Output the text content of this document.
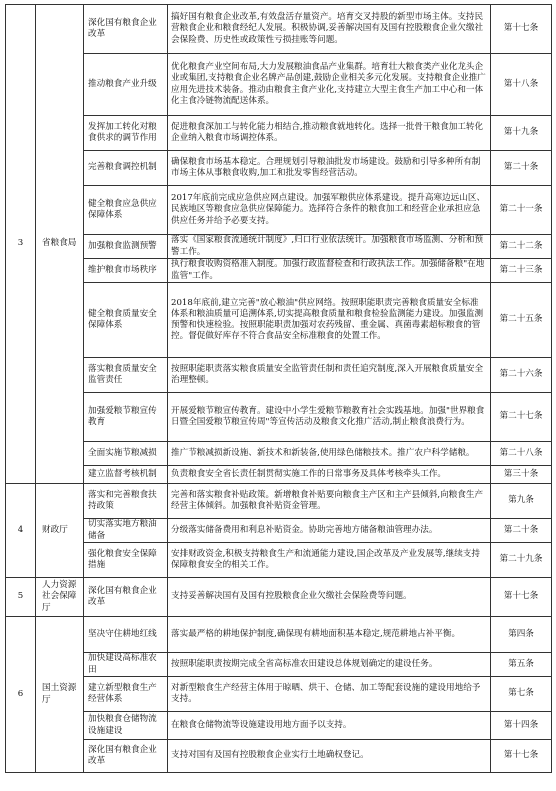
3	省粮食局	深化国有粮食企业改革	搞好国有粮食企业改革,有效盘活存量资产。培育交叉持股的新型市场主体。支持民营粮食企业和粮食经纪人发展。积极协调,妥善解决国有及国有控股粮食企业欠缴社会保险费、历史性或政策性亏损挂账等问题。	第十七条
		推动粮食产业升级	优化粮食产业空间布局,大力发展粮油食品产业集群。培育壮大粮食类产业化龙头企业或集团,支持粮食企业名牌产品创建,鼓励企业相关多元化发展。支持粮食企业推广应用先进技术装备。推动由粮食主食产业化,支持建立大型主食生产加工中心和一体化主食冷链物流配送体系。	第十八条
		发挥加工转化对粮食供求的调节作用	促进粮食深加工与转化能力相结合,推动粮食就地转化。选择一批骨干粮食加工转化企业纳入粮食市场调控体系。	第十九条
		完善粮食调控机制	确保粮食市场基本稳定。合理规划引导粮油批发市场建设。鼓励和引导多种所有制市场主体从事粮食收购,加工和批发零售经营活动。	第二十条
		健全粮食应急供应保障体系	2017年底前完成应急供应网点建设。加强军粮供应体系建设。提升高寒边远山区、民族地区等粮食应急供应保障能力。选择符合条件的粮食加工和经营企业承担应急供应任务并给予必要支持。	第二十一条
		加强粮食监测预警	落实《国家粮食流通统计制度》,归口行业依法统计。加强粮食市场监测、分析和预警工作。	第二十二条
		维护粮食市场秩序	执行粮食收购资格准入制度。加强行政监督检查和行政执法工作。加强储备粮"在地监管"工作。	第二十三条
		健全粮食质量安全保障体系	2018年底前,建立完善"放心粮油"供应网络。按照职能职责完善粮食质量安全标准体系和粮油质量可追溯体系,切实提高粮食质量和粮食检验监测能力建设。加强监测预警和快速检验。按照职能职责加强对农药残留、重金属、真菌毒素超标粮食的管控。督促做好库存不符合食品安全标准粮食的处置工作。	第二十五条
		落实粮食质量安全监管责任	按照职能职责落实粮食质量安全监管责任制和责任追究制度,深入开展粮食质量安全治理整顿。	第二十六条
		加强爱粮节粮宣传教育	开展爱粮节粮宣传教育。建设中小学生爱粮节粮教育社会实践基地。加强"世界粮食日暨全国爱粮节粮宣传周"等宣传活动及粮食文化推广活动,制止粮食浪费行为。	第二十七条
		全面实施节粮减损	推广节粮减损新设施、新技术和新装备,使用绿色储粮技术。推广农户科学储粮。	第二十八条
		建立监督考核机制	负责粮食安全省长责任制贯彻实施工作的日常事务及具体考核牵头工作。	第三十条
4	财政厅	落实和完善粮食扶持政策	完善和落实粮食补贴政策。新增粮食补贴要向粮食主产区和主产县倾斜,向粮食生产经营主体倾斜。加强粮食补贴资金管理。	第九条
		切实落实地方粮油储备	分级落实储备费用和利息补贴资金。协助完善地方储备粮油管理办法。	第二十条
		强化粮食安全保障措施	安排财政资金,积极支持粮食生产和流通能力建设,国企改革及产业发展等,继续支持保障粮食安全的相关工作。	第二十九条
5	人力资源社会保障厅	深化国有粮食企业改革	支持妥善解决国有及国有控股粮食企业欠缴社会保险费等问题。	第十七条
6	国土资源厅	坚决守住耕地红线	落实最严格的耕地保护制度,确保现有耕地面积基本稳定,规范耕地占补平衡。	第四条
		加快建设高标准农田	按照职能职责按期完成全省高标准农田建设总体规划确定的建设任务。	第五条
		建立新型粮食生产经营体系	对新型粮食生产经营主体用于晾晒、烘干、仓储、加工等配套设施的建设用地给予支持。	第七条
		加快粮食仓储物流设施建设	在粮食仓储物流等设施建设用地方面予以支持。	第十四条
		深化国有粮食企业改革	支持对国有及国有控股粮食企业实行土地确权登记。	第十七条
